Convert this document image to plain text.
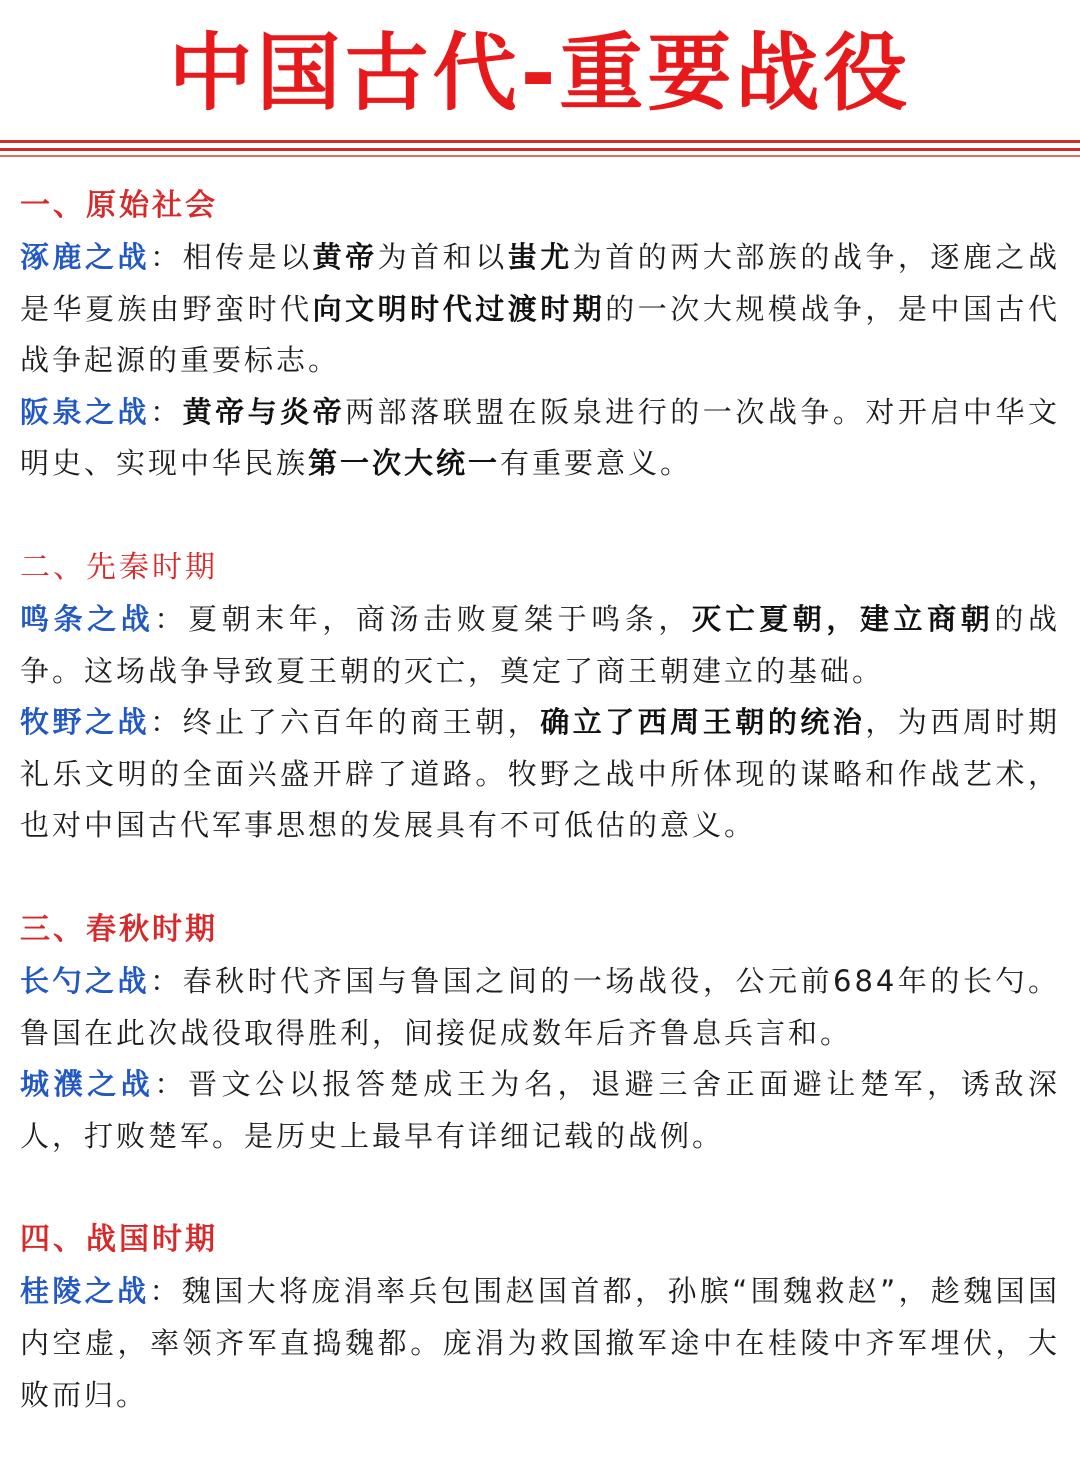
中国古代-重要战役
一、原始社会
涿鹿之战：相传是以黄帝为首和以蚩尤为首的两大部族的战争，逐鹿之战是华夏族由野蛮时代向文明时代过渡时期的一次大规模战争，是中国古代战争起源的重要标志。
阪泉之战：黄帝与炎帝两部落联盟在阪泉进行的一次战争。对开启中华文明史、实现中华民族第一次大统一有重要意义。
二、先秦时期
鸣条之战：夏朝末年，商汤击败夏桀于鸣条，灭亡夏朝，建立商朝的战争。这场战争导致夏王朝的灭亡，奠定了商王朝建立的基础。
牧野之战：终止了六百年的商王朝，确立了西周王朝的统治，为西周时期礼乐文明的全面兴盛开辟了道路。牧野之战中所体现的谋略和作战艺术，也对中国古代军事思想的发展具有不可低估的意义。
三、春秋时期
长勺之战：春秋时代齐国与鲁国之间的一场战役，公元前684年的长勺。鲁国在此次战役取得胜利，间接促成数年后齐鲁息兵言和。
城濮之战：晋文公以报答楚成王为名，退避三舍正面避让楚军，诱敌深人，打败楚军。是历史上最早有详细记载的战例。
四、战国时期
桂陵之战：魏国大将庞涓率兵包围赵国首都，孙膑“围魏救赵”，趁魏国国内空虚，率领齐军直捣魏都。庞涓为救国撤军途中在桂陵中齐军埋伏，大败而归。
